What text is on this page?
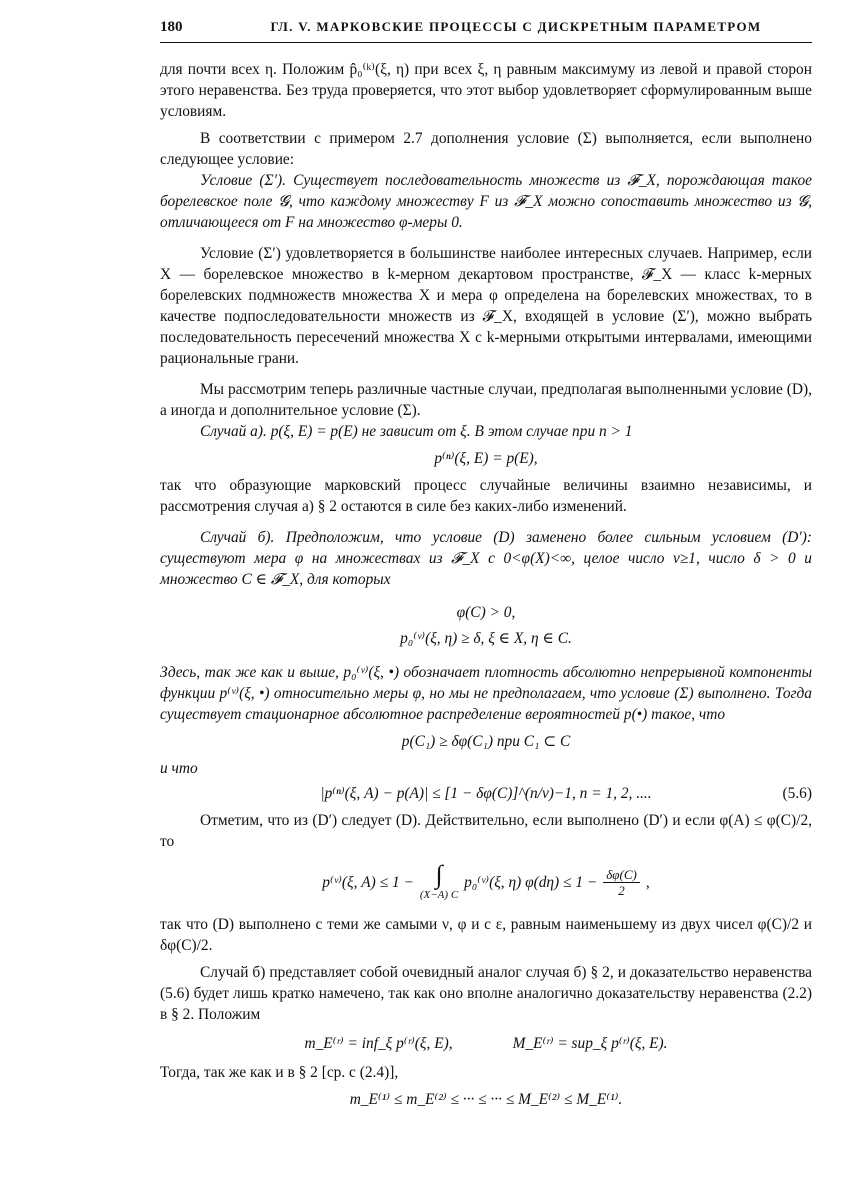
180	ГЛ. V. МАРКОВСКИЕ ПРОЦЕССЫ С ДИСКРЕТНЫМ ПАРАМЕТРОМ

для почти всех η. Положим p̂₀⁽ᵏ⁾(ξ, η) при всех ξ, η равным максимуму из левой и правой сторон этого неравенства. Без труда проверяется, что этот выбор удовлетворяет сформулированным выше условиям.

В соответствии с примером 2.7 дополнения условие (Σ) выполняется, если выполнено следующее условие:

Условие (Σ′). Существует последовательность множеств из 𝓕_X, порождающая такое борелевское поле 𝓖, что каждому множеству F из 𝓕_X можно сопоставить множество из 𝓖, отличающееся от F на множество φ-меры 0.

Условие (Σ′) удовлетворяется в большинстве наиболее интересных случаев. Например, если X — борелевское множество в k-мерном декартовом пространстве, 𝓕_X — класс k-мерных борелевских подмножеств множества X и мера φ определена на борелевских множествах, то в качестве подпоследовательности множеств из 𝓕_X, входящей в условие (Σ′), можно выбрать последовательность пересечений множества X с k-мерными открытыми интервалами, имеющими рациональные грани.

Мы рассмотрим теперь различные частные случаи, предполагая выполненными условие (D), а иногда и дополнительное условие (Σ).

Случай а). p(ξ, E) = p(E) не зависит от ξ. В этом случае при n > 1

p⁽ⁿ⁾(ξ, E) = p(E),

так что образующие марковский процесс случайные величины взаимно независимы, и рассмотрения случая а) § 2 остаются в силе без каких-либо изменений.

Случай б). Предположим, что условие (D) заменено более сильным условием (D′): существуют мера φ на множествах из 𝓕_X с 0<φ(X)<∞, целое число ν≥1, число δ > 0 и множество C ∈ 𝓕_X, для которых

φ(C) > 0,
p₀⁽ᵛ⁾(ξ, η) ≥ δ, ξ ∈ X, η ∈ C.

Здесь, так же как и выше, p₀⁽ᵛ⁾(ξ, •) обозначает плотность абсолютно непрерывной компоненты функции p⁽ᵛ⁾(ξ, •) относительно меры φ, но мы не предполагаем, что условие (Σ) выполнено. Тогда существует стационарное абсолютное распределение вероятностей p(•) такое, что

p(C₁) ≥ δφ(C₁) при C₁ ⊂ C

и что

|p⁽ⁿ⁾(ξ, A) − p(A)| ≤ [1 − δφ(C)]^(n/ν)−1, n = 1, 2, ....	(5.6)

Отметим, что из (D′) следует (D). Действительно, если выполнено (D′) и если φ(A) ≤ φ(C)/2, то

p⁽ᵛ⁾(ξ, A) ≤ 1 − ∫
(X−A) C
p₀⁽ᵛ⁾(ξ, η) $\varphi(d\eta) \le 1 - \frac{\delta\varphi(C)}{2}$ ,

так что (D) выполнено с теми же самыми ν, φ и с ε, равным наименьшему из двух чисел φ(C)/2 и δφ(C)/2.

Случай б) представляет собой очевидный аналог случая б) § 2, и доказательство неравенства (5.6) будет лишь кратко намечено, так как оно вполне аналогично доказательству неравенства (2.2) в § 2. Положим

m_E⁽ʳ⁾ = inf_ξ p⁽ʳ⁾(ξ, E),	M_E⁽ʳ⁾ = sup_ξ p⁽ʳ⁾(ξ, E).

Тогда, так же как и в § 2 [ср. с (2.4)],

m_E⁽¹⁾ ≤ m_E⁽²⁾ ≤ ··· ≤ ··· ≤ M_E⁽²⁾ ≤ M_E⁽¹⁾.
